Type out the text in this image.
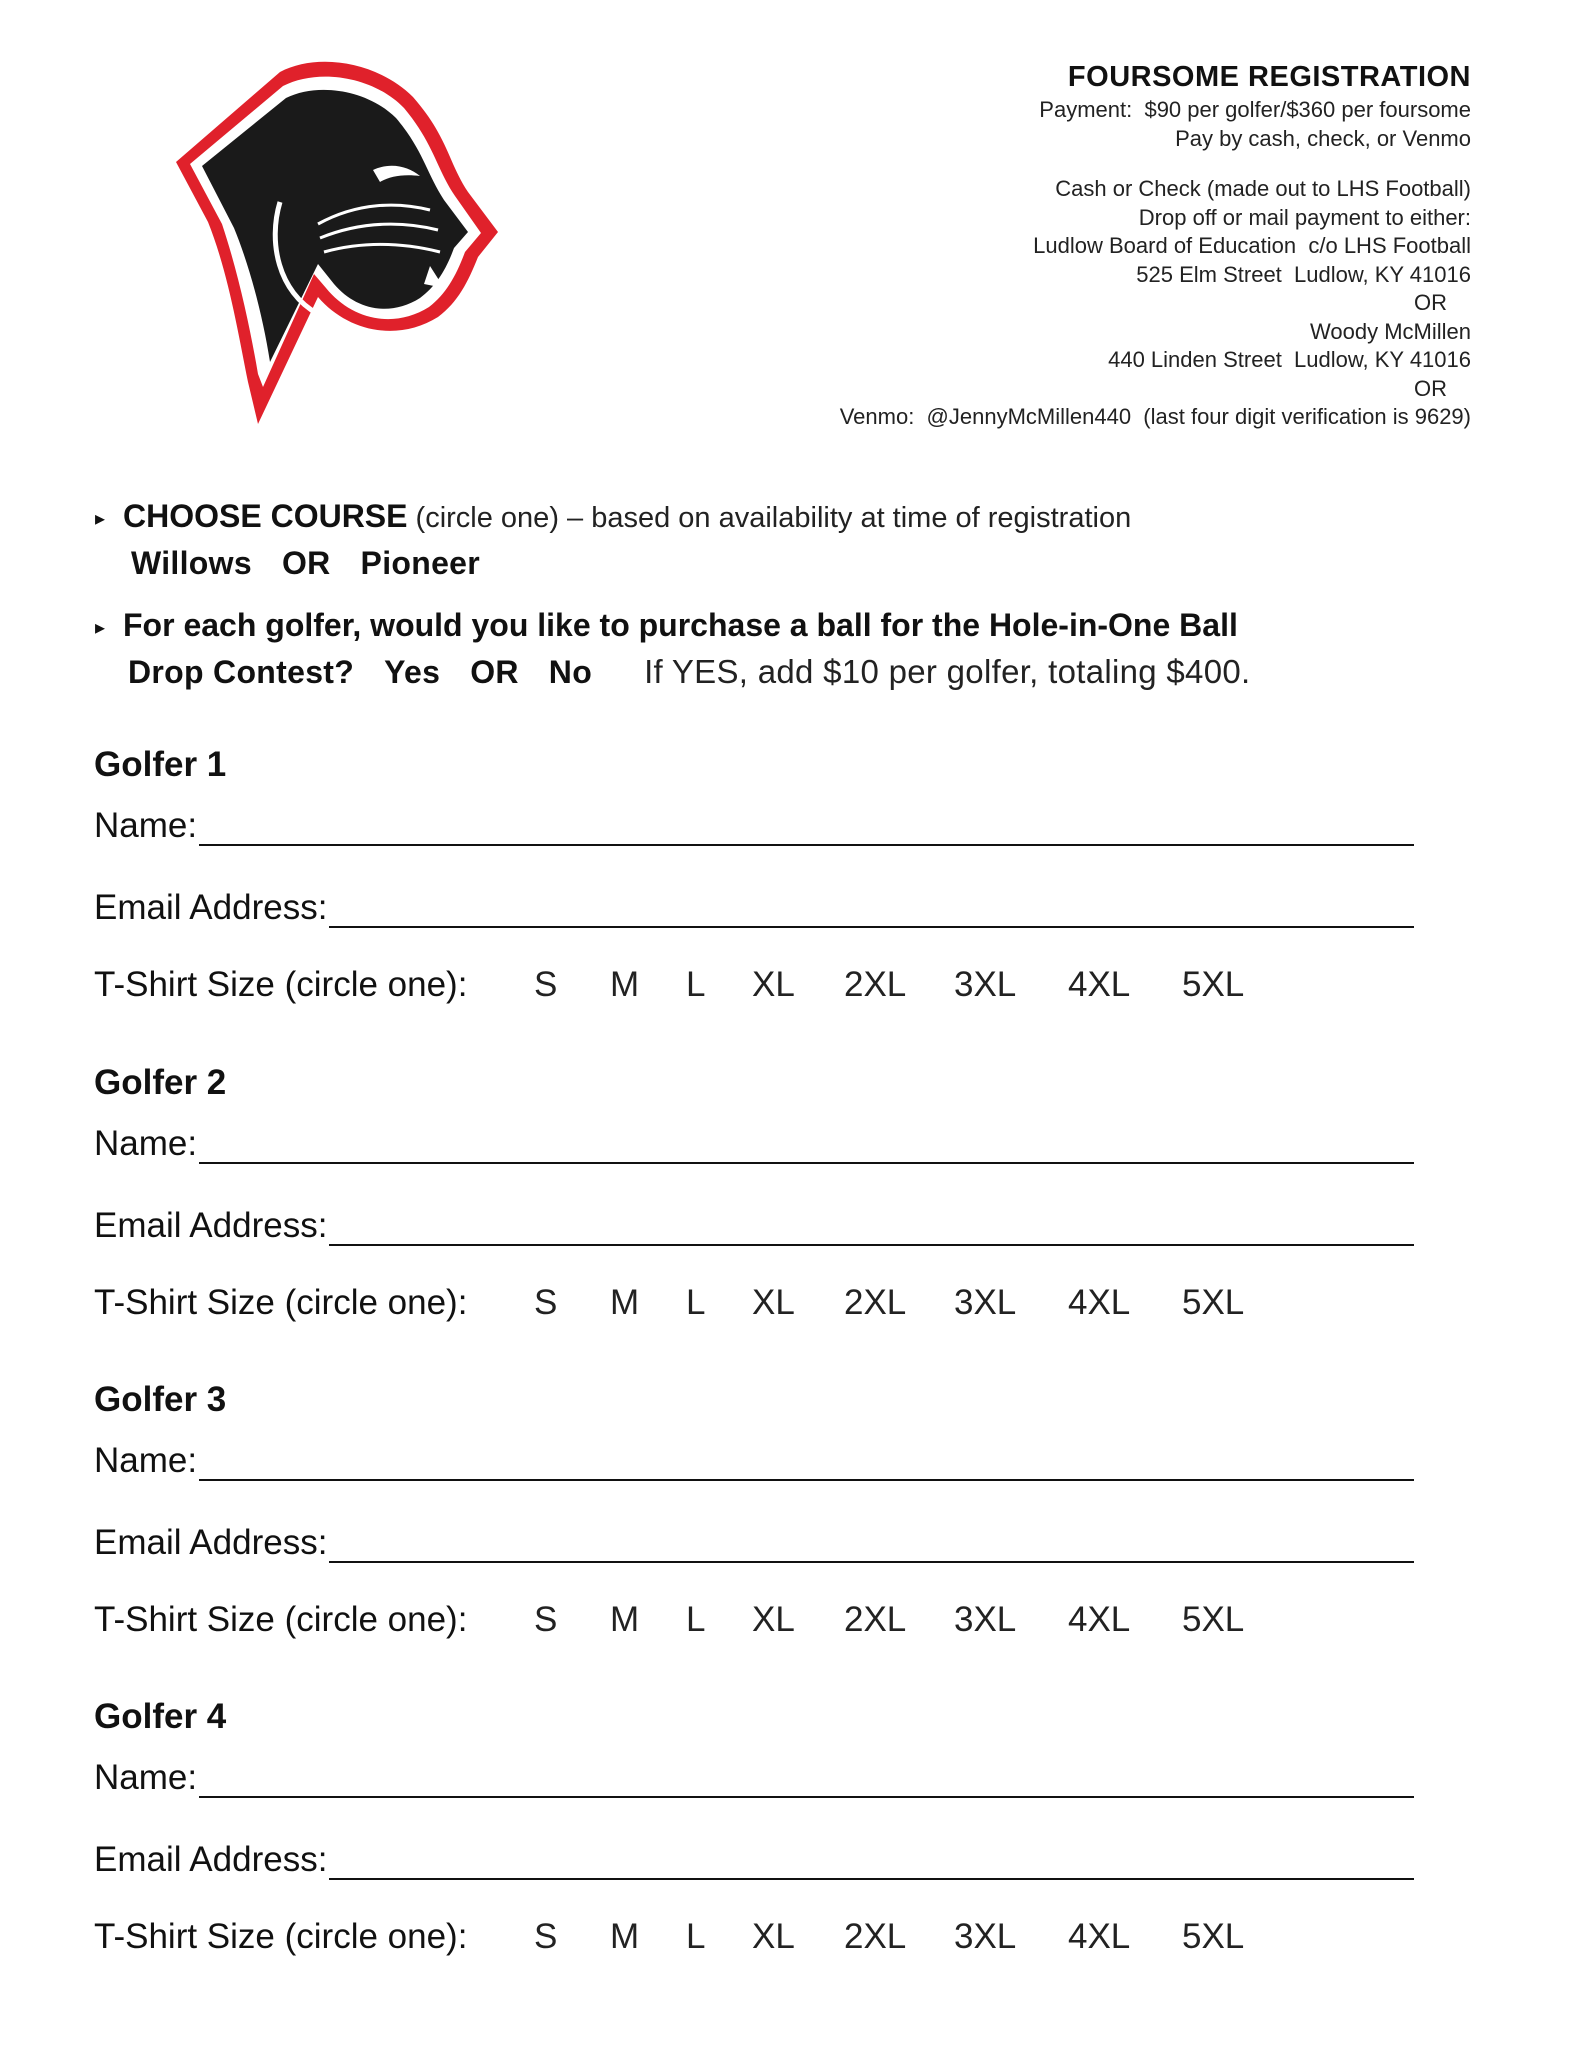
FOURSOME REGISTRATION
Payment:  $90 per golfer/$360 per foursome
Pay by cash, check, or Venmo
Cash or Check (made out to LHS Football)
Drop off or mail payment to either:
Ludlow Board of Education  c/o LHS Football
525 Elm Street  Ludlow, KY 41016
OR
Woody McMillen
440 Linden Street  Ludlow, KY 41016
OR
Venmo:  @JennyMcMillen440  (last four digit verification is 9629)
▸ CHOOSE COURSE (circle one) – based on availability at time of registration
Willows OR Pioneer
▸ For each golfer, would you like to purchase a ball for the Hole-in-One Ball
Drop Contest? Yes OR No If YES, add $10 per golfer, totaling $400.
Golfer 1
Name:
Email Address:
T-Shirt Size (circle one):	S	M	L	XL	2XL	3XL	4XL	5XL
Golfer 2
Name:
Email Address:
T-Shirt Size (circle one):	S	M	L	XL	2XL	3XL	4XL	5XL
Golfer 3
Name:
Email Address:
T-Shirt Size (circle one):	S	M	L	XL	2XL	3XL	4XL	5XL
Golfer 4
Name:
Email Address:
T-Shirt Size (circle one):	S	M	L	XL	2XL	3XL	4XL	5XL
